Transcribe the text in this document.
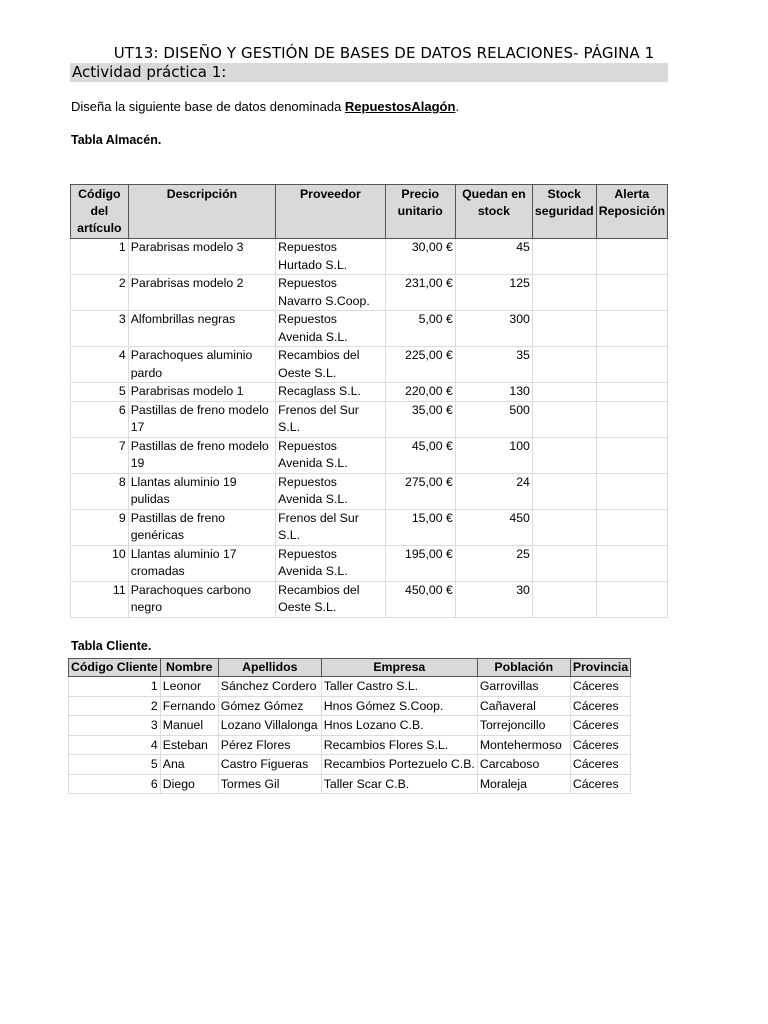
UT13: DISEÑO Y GESTIÓN DE BASES DE DATOS RELACIONES- PÁGINA 1
Actividad práctica 1:
Diseña la siguiente base de datos denominada RepuestosAlagón.
Tabla Almacén.
Código del artículo	Descripción	Proveedor	Precio unitario	Quedan en stock	Stock seguridad	Alerta Reposición
1	Parabrisas modelo 3	Repuestos Hurtado S.L.	30,00 €	45		
2	Parabrisas modelo 2	Repuestos Navarro S.Coop.	231,00 €	125		
3	Alfombrillas negras	Repuestos Avenida S.L.	5,00 €	300		
4	Parachoques aluminio pardo	Recambios del Oeste S.L.	225,00 €	35		
5	Parabrisas modelo 1	Recaglass S.L.	220,00 €	130		
6	Pastillas de freno modelo 17	Frenos del Sur S.L.	35,00 €	500		
7	Pastillas de freno modelo 19	Repuestos Avenida S.L.	45,00 €	100		
8	Llantas aluminio 19 pulidas	Repuestos Avenida S.L.	275,00 €	24		
9	Pastillas de freno genéricas	Frenos del Sur S.L.	15,00 €	450		
10	Llantas aluminio 17 cromadas	Repuestos Avenida S.L.	195,00 €	25		
11	Parachoques carbono negro	Recambios del Oeste S.L.	450,00 €	30		
Tabla Cliente.
Código Cliente	Nombre	Apellidos	Empresa	Población	Provincia
1	Leonor	Sánchez Cordero	Taller Castro S.L.	Garrovillas	Cáceres
2	Fernando	Gómez Gómez	Hnos Gómez S.Coop.	Cañaveral	Cáceres
3	Manuel	Lozano Villalonga	Hnos Lozano C.B.	Torrejoncillo	Cáceres
4	Esteban	Pérez Flores	Recambios Flores S.L.	Montehermoso	Cáceres
5	Ana	Castro Figueras	Recambios Portezuelo C.B.	Carcaboso	Cáceres
6	Diego	Tormes Gil	Taller Scar C.B.	Moraleja	Cáceres
